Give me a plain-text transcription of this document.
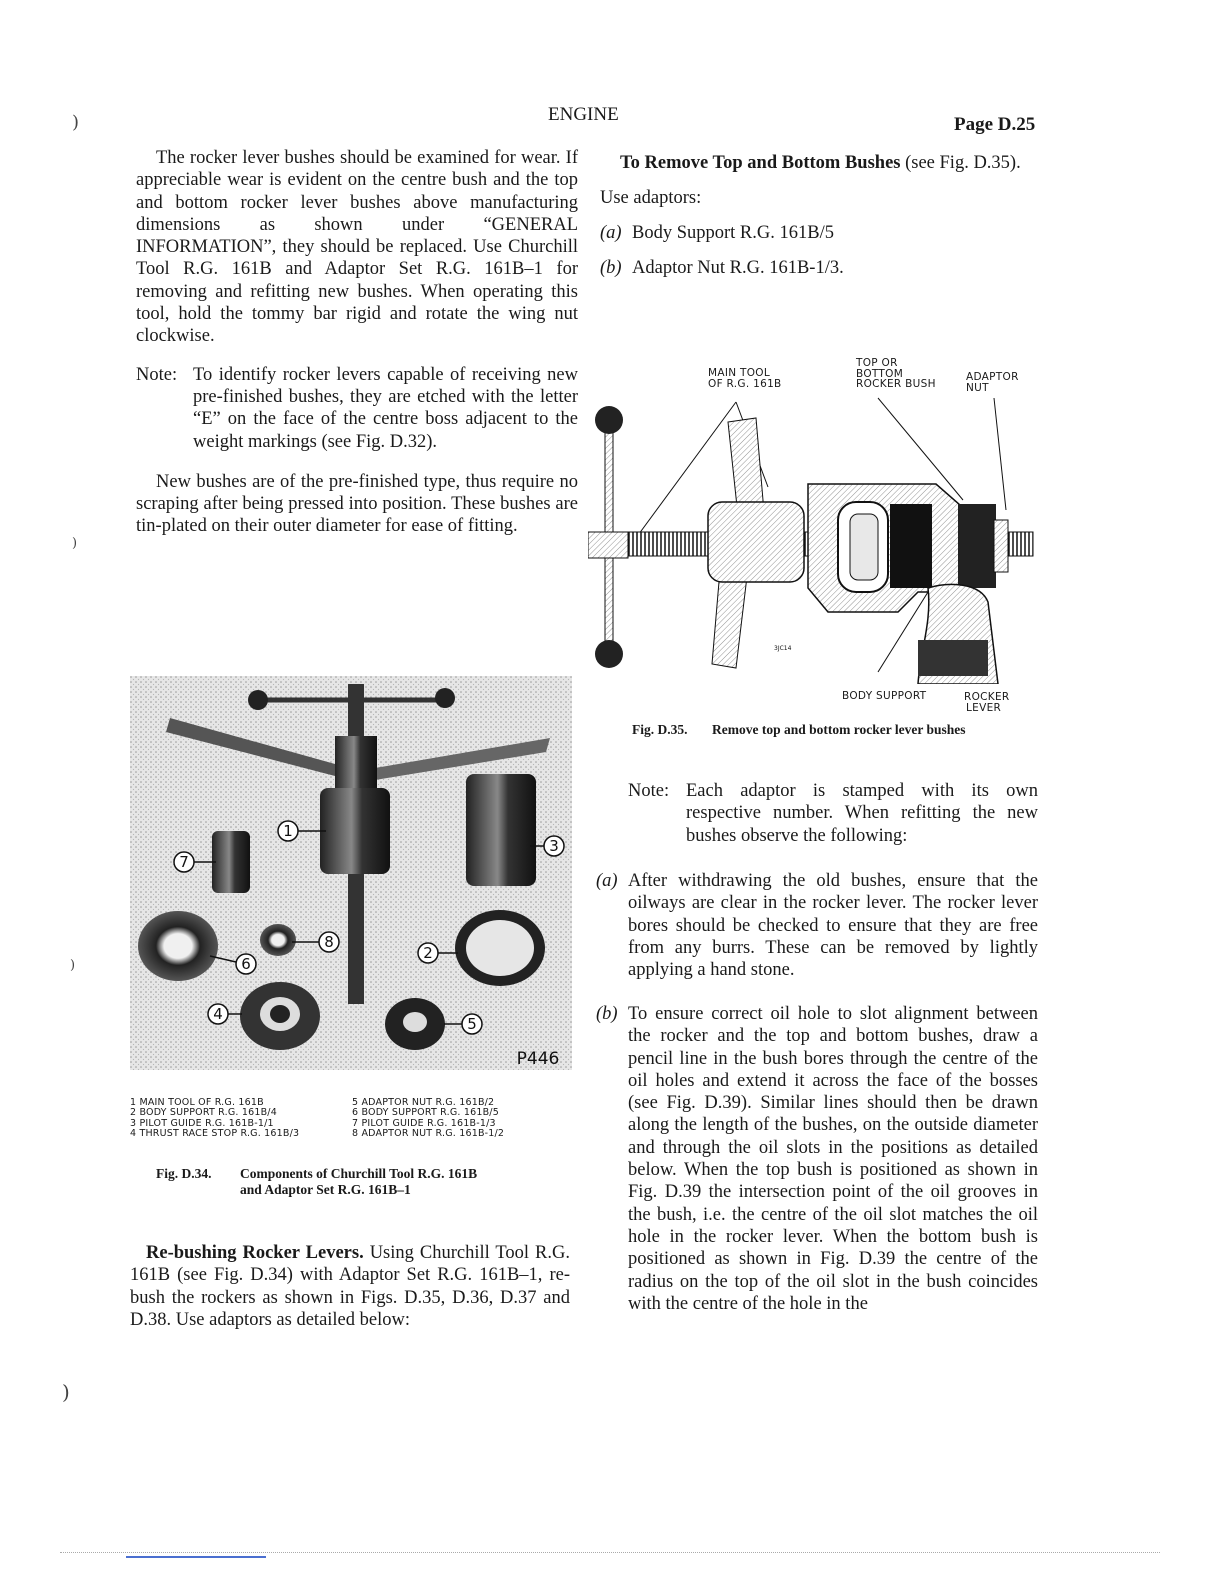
)
)
)
)
ENGINE	Page D.25

The rocker lever bushes should be examined for wear. If appreciable wear is evident on the centre bush and the top and bottom rocker lever bushes above manufacturing dimensions as shown under “GENERAL INFORMATION”, they should be replaced. Use Churchill Tool R.G. 161B and Adaptor Set R.G. 161B–1 for removing and refitting new bushes. When operating this tool, hold the tommy bar rigid and rotate the wing nut clockwise.

Note: To identify rocker levers capable of receiving new pre-finished bushes, they are etched with the letter “E” on the face of the centre boss adjacent to the weight markings (see Fig. D.32).

New bushes are of the pre-finished type, thus require no scraping after being pressed into position. These bushes are tin-plated on their outer diameter for ease of fitting.

1
7
3
8
6
2
4
5
P446
1 MAIN TOOL OF R.G. 161B
2 BODY SUPPORT R.G. 161B/4
3 PILOT GUIDE R.G. 161B-1/1
4 THRUST RACE STOP R.G. 161B/3
5 ADAPTOR NUT R.G. 161B/2
6 BODY SUPPORT R.G. 161B/5
7 PILOT GUIDE R.G. 161B-1/3
8 ADAPTOR NUT R.G. 161B-1/2
Fig. D.34. Components of Churchill Tool R.G. 161B
and Adaptor Set R.G. 161B–1

Re-bushing Rocker Levers. Using Churchill Tool R.G. 161B (see Fig. D.34) with Adaptor Set R.G. 161B–1, re-bush the rockers as shown in Figs. D.35, D.36, D.37 and D.38. Use adaptors as detailed below:

To Remove Top and Bottom Bushes (see Fig. D.35).

Use adaptors:

(a) Body Support R.G. 161B/5
(b) Adaptor Nut R.G. 161B-1/3.
MAIN TOOL
OF R.G. 161B
TOP OR
BOTTOM
ROCKER BUSH
ADAPTOR
NUT
3JC14
BODY SUPPORT	ROCKER
LEVER
Fig. D.35. Remove top and bottom rocker lever bushes
Note: Each adaptor is stamped with its own respective number. When refitting the new bushes observe the following:

(a) After withdrawing the old bushes, ensure that the oilways are clear in the rocker lever. The rocker lever bores should be checked to ensure that they are free from any burrs. These can be removed by lightly applying a hand stone.

(b) To ensure correct oil hole to slot alignment between the rocker and the top and bottom bushes, draw a pencil line in the bush bores through the centre of the oil holes and extend it across the face of the bosses (see Fig. D.39). Similar lines should then be drawn along the length of the bushes, on the outside diameter and through the oil slots in the positions as detailed below. When the top bush is positioned as shown in Fig. D.39 the intersection point of the oil grooves in the bush, i.e. the centre of the oil slot matches the oil hole in the rocker lever. When the bottom bush is positioned as shown in Fig. D.39 the centre of the radius on the top of the oil slot in the bush coincides with the centre of the hole in the
